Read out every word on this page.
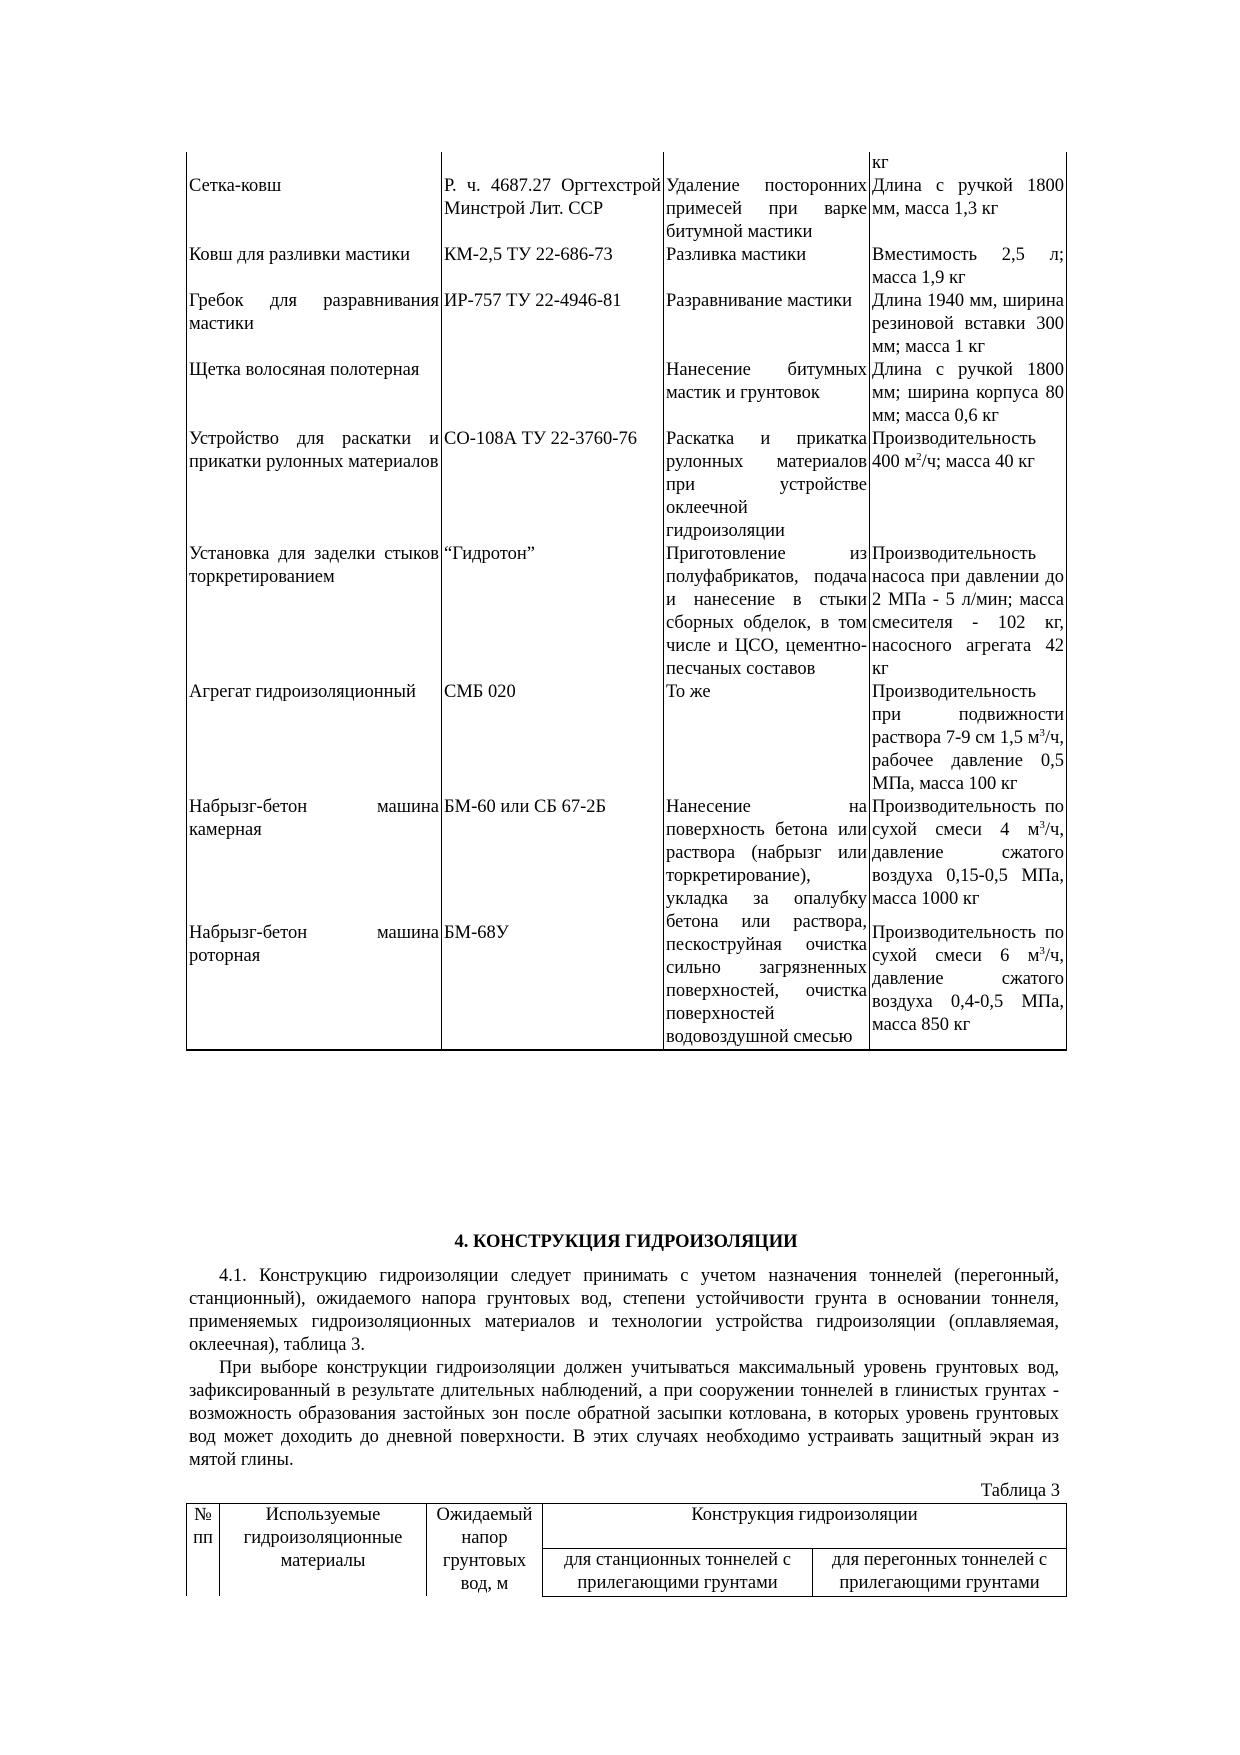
			кг
Сетка-ковш	Р. ч. 4687.27 Оргтехстрой Минстрой Лит. ССР	Удаление посторонних примесей при варке битумной мастики	Длина с ручкой 1800 мм, масса 1,3 кг
Ковш для разливки мастики	КМ-2,5 ТУ 22-686-73	Разливка мастики	Вместимость 2,5 л; масса 1,9 кг
Гребок для разравнивания мастики	ИР-757 ТУ 22-4946-81	Разравнивание мастики	Длина 1940 мм, ширина резиновой вставки 300 мм; масса 1 кг
Щетка волосяная полотерная		Нанесение битумных мастик и грунтовок	Длина с ручкой 1800 мм; ширина корпуса 80 мм; масса 0,6 кг
Устройство для раскатки и прикатки рулонных материалов	СО-108А ТУ 22-3760-76	Раскатка и прикатка рулонных материалов при устройстве оклеечной гидроизоляции	Производительность 400 $м^2/ч$; масса 40 кг
Установка для заделки стыков торкретированием	“Гидротон”	Приготовление из полуфабрикатов, подача и нанесение в стыки сборных обделок, в том числе и ЦСО, цементно-песчаных составов	Производительность насоса при давлении до 2 МПа - 5 л/мин; масса смесителя - 102 кг, насосного агрегата 42 кг
Агрегат гидроизоляционный	СМБ 020	То же	Производительность при подвижности раствора 7-9 см 1,5 $м^3/ч$, рабочее давление 0,5 МПа, масса 100 кг
Набрызг-бетон машина камерная	БМ-60 или СБ 67-2Б	Нанесение на поверхность бетона или раствора (набрызг или торкретирование), укладка за опалубку бетона или раствора, пескоструйная очистка сильно загрязненных поверхностей, очистка поверхностей водовоздушной смесью	Производительность по сухой смеси 4 $м^3/ч$, давление сжатого воздуха 0,15-0,5 МПа, масса 1000 кг
Набрызг-бетон машина роторная	БМ-68У		Производительность по сухой смеси 6 $м^3/ч$, давление сжатого воздуха 0,4-0,5 МПа, масса 850 кг
4. КОНСТРУКЦИЯ ГИДРОИЗОЛЯЦИИ

4.1. Конструкцию гидроизоляции следует принимать с учетом назначения тоннелей (перегонный, станционный), ожидаемого напора грунтовых вод, степени устойчивости грунта в основании тоннеля, применяемых гидроизоляционных материалов и технологии устройства гидроизоляции (оплавляемая, оклеечная), таблица 3.

При выборе конструкции гидроизоляции должен учитываться максимальный уровень грунтовых вод, зафиксированный в результате длительных наблюдений, а при сооружении тоннелей в глинистых грунтах - возможность образования застойных зон после обратной засыпки котлована, в которых уровень грунтовых вод может доходить до дневной поверхности. В этих случаях необходимо устраивать защитный экран из мятой глины.

Таблица 3
№ пп	Используемые гидроизоляционные материалы	Ожидаемый напор грунтовых вод, м	Конструкция гидроизоляции	
			для станционных тоннелей с прилегающими грунтами	для перегонных тоннелей с прилегающими грунтами
